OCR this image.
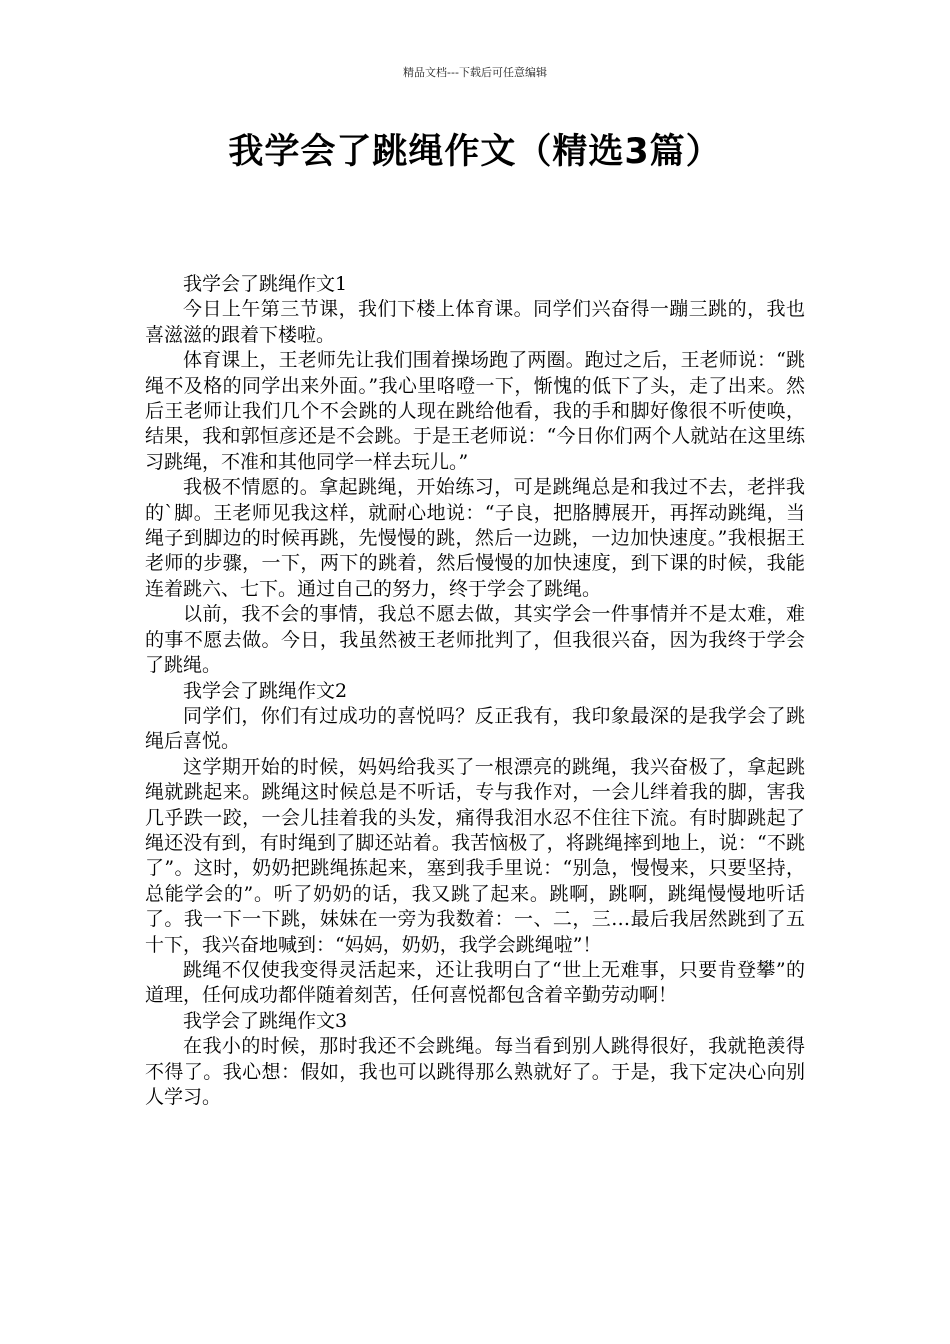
精品文档---下载后可任意编辑
我学会了跳绳作文（精选3篇）
我学会了跳绳作文1

今日上午第三节课，我们下楼上体育课。同学们兴奋得一蹦三跳的，我也喜滋滋的跟着下楼啦。

体育课上，王老师先让我们围着操场跑了两圈。跑过之后，王老师说：“跳绳不及格的同学出来外面。”我心里咯噔一下，惭愧的低下了头，走了出来。然后王老师让我们几个不会跳的人现在跳给他看，我的手和脚好像很不听使唤，结果，我和郭恒彦还是不会跳。于是王老师说：“今日你们两个人就站在这里练习跳绳，不准和其他同学一样去玩儿。”

我极不情愿的。拿起跳绳，开始练习，可是跳绳总是和我过不去，老拌我的`脚。王老师见我这样，就耐心地说：“子良，把胳膊展开，再挥动跳绳，当绳子到脚边的时候再跳，先慢慢的跳，然后一边跳，一边加快速度。”我根据王老师的步骤，一下，两下的跳着，然后慢慢的加快速度，到下课的时候，我能连着跳六、七下。通过自己的努力，终于学会了跳绳。

以前，我不会的事情，我总不愿去做，其实学会一件事情并不是太难，难的事不愿去做。今日，我虽然被王老师批判了，但我很兴奋，因为我终于学会了跳绳。

我学会了跳绳作文2

同学们，你们有过成功的喜悦吗？反正我有，我印象最深的是我学会了跳绳后喜悦。

这学期开始的时候，妈妈给我买了一根漂亮的跳绳，我兴奋极了，拿起跳绳就跳起来。跳绳这时候总是不听话，专与我作对，一会儿绊着我的脚，害我几乎跌一跤，一会儿挂着我的头发，痛得我泪水忍不住往下流。有时脚跳起了绳还没有到，有时绳到了脚还站着。我苦恼极了，将跳绳摔到地上，说：“不跳了”。这时，奶奶把跳绳拣起来，塞到我手里说：“别急，慢慢来，只要坚持，总能学会的”。听了奶奶的话，我又跳了起来。跳啊，跳啊，跳绳慢慢地听话了。我一下一下跳，妹妹在一旁为我数着：一、二，三…最后我居然跳到了五十下，我兴奋地喊到：“妈妈，奶奶，我学会跳绳啦”！

跳绳不仅使我变得灵活起来，还让我明白了“世上无难事，只要肯登攀”的道理，任何成功都伴随着刻苦，任何喜悦都包含着辛勤劳动啊！

我学会了跳绳作文3

在我小的时候，那时我还不会跳绳。每当看到别人跳得很好，我就艳羡得不得了。我心想：假如，我也可以跳得那么熟就好了。于是，我下定决心向别人学习。
